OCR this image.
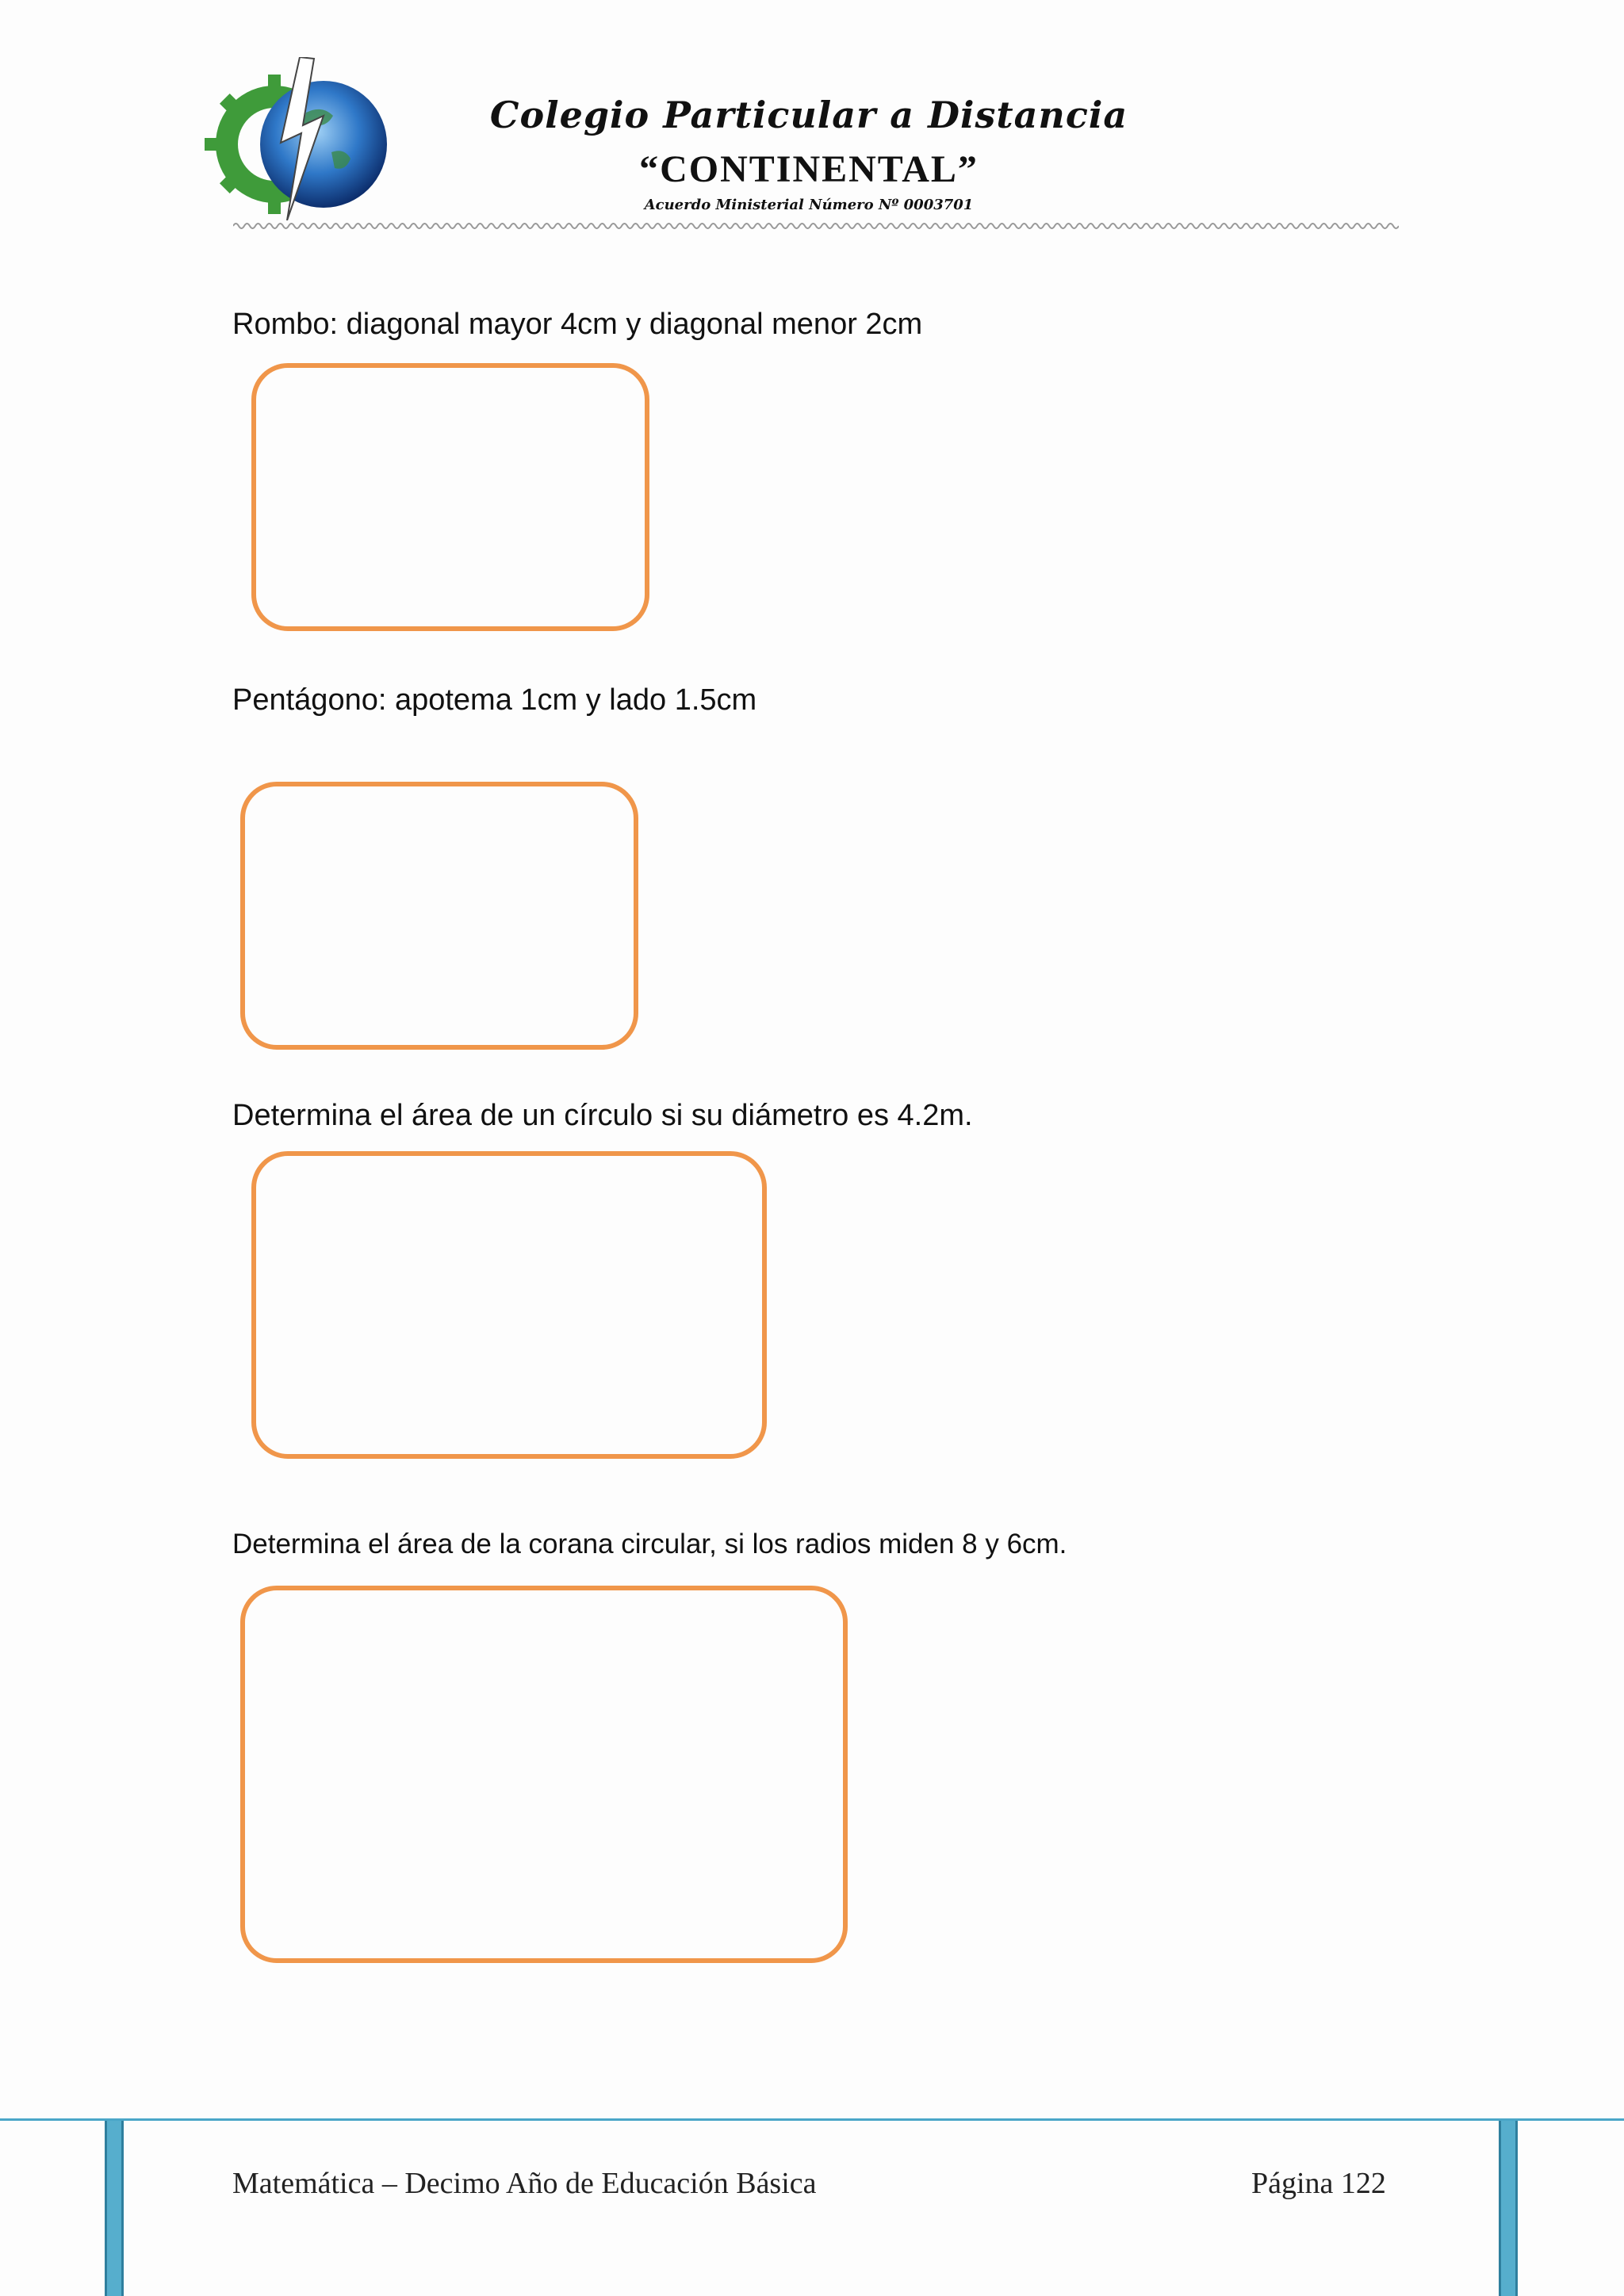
Colegio Particular a Distancia
“CONTINENTAL”
Acuerdo Ministerial Número Nº 0003701
Rombo: diagonal mayor 4cm y diagonal menor 2cm
Pentágono: apotema 1cm y lado 1.5cm
Determina el área de un círculo si su diámetro es 4.2m.
Determina el área de la corana circular, si los radios miden 8 y 6cm.
Matemática – Decimo Año de Educación Básica	Página 122
